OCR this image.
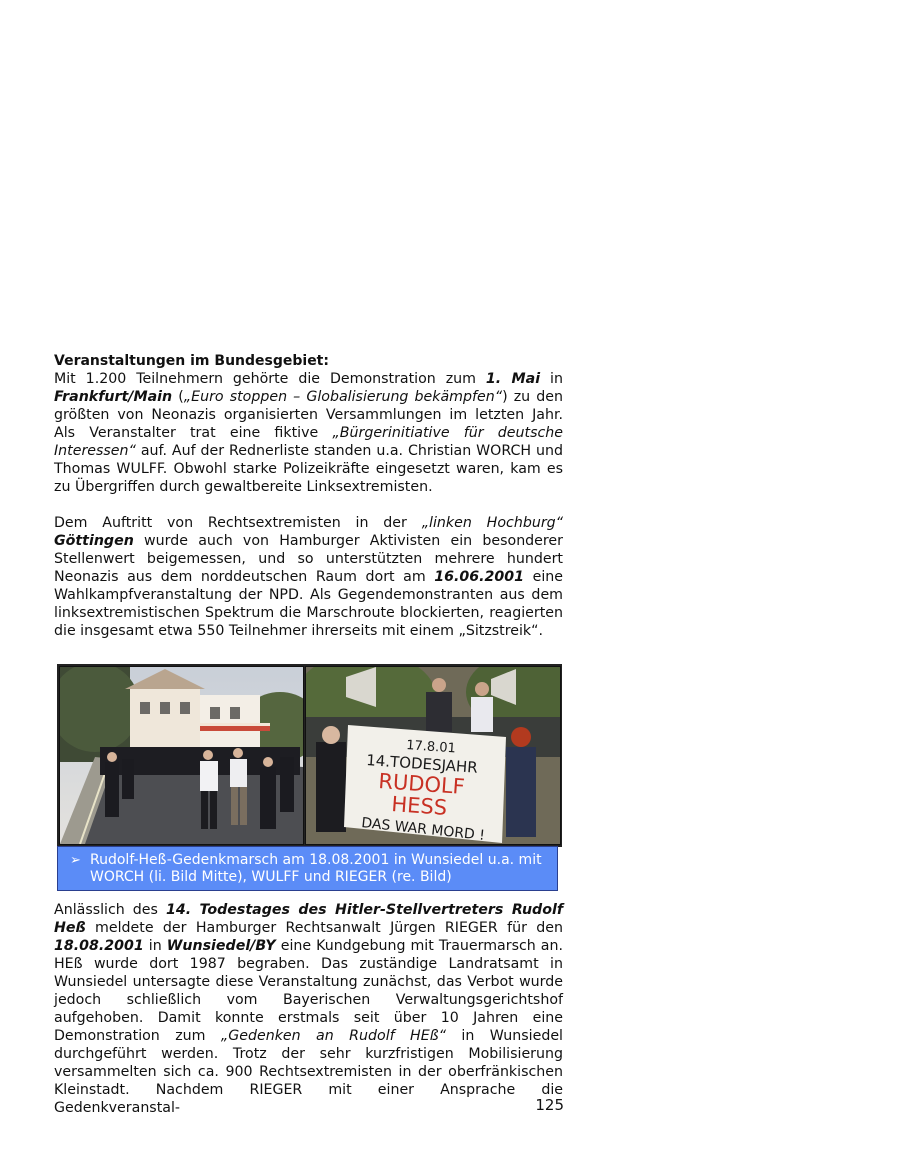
Veranstaltungen im Bundesgebiet:

Mit 1.200 Teilnehmern gehörte die Demonstration zum 1. Mai in Frankfurt/Main („Euro stoppen – Globalisierung bekämpfen“) zu den größten von Neonazis organisierten Versammlungen im letzten Jahr. Als Veranstalter trat eine fiktive „Bürgerinitiative für deutsche Interessen“ auf. Auf der Rednerliste standen u.a. Christian WORCH und Thomas WULFF. Obwohl starke Polizeikräfte eingesetzt waren, kam es zu Übergriffen durch gewaltbereite Linksextremisten.

Dem Auftritt von Rechtsextremisten in der „linken Hochburg“ Göttingen wurde auch von Hamburger Aktivisten ein besonderer Stellenwert beigemessen, und so unterstützten mehrere hundert Neonazis aus dem norddeutschen Raum dort am 16.06.2001 eine Wahlkampfveranstaltung der NPD. Als Gegendemonstranten aus dem linksextremistischen Spektrum die Marschroute blockierten, reagierten die insgesamt etwa 550 Teilnehmer ihrerseits mit einem „Sitzstreik“.

17.8.01
14.TODESJAHR
RUDOLF
HESS
DAS WAR MORD !
➢ Rudolf-Heß-Gedenkmarsch am 18.08.2001 in Wunsiedel u.a. mit WORCH (li. Bild Mitte), WULFF und RIEGER (re. Bild)

Anlässlich des 14. Todestages des Hitler-Stellvertreters Rudolf Heß meldete der Hamburger Rechtsanwalt Jürgen RIEGER für den 18.08.2001 in Wunsiedel/BY eine Kundgebung mit Trauermarsch an. HEß wurde dort 1987 begraben. Das zuständige Landratsamt in Wunsiedel untersagte diese Veranstaltung zunächst, das Verbot wurde jedoch schließlich vom Bayerischen Verwaltungsgerichtshof aufgehoben. Damit konnte erstmals seit über 10 Jahren eine Demonstration zum „Gedenken an Rudolf HEß“ in Wunsiedel durchgeführt werden. Trotz der sehr kurzfristigen Mobilisierung versammelten sich ca. 900 Rechtsextremisten in der oberfränkischen Kleinstadt. Nachdem RIEGER mit einer Ansprache die Gedenkveranstal-	125
